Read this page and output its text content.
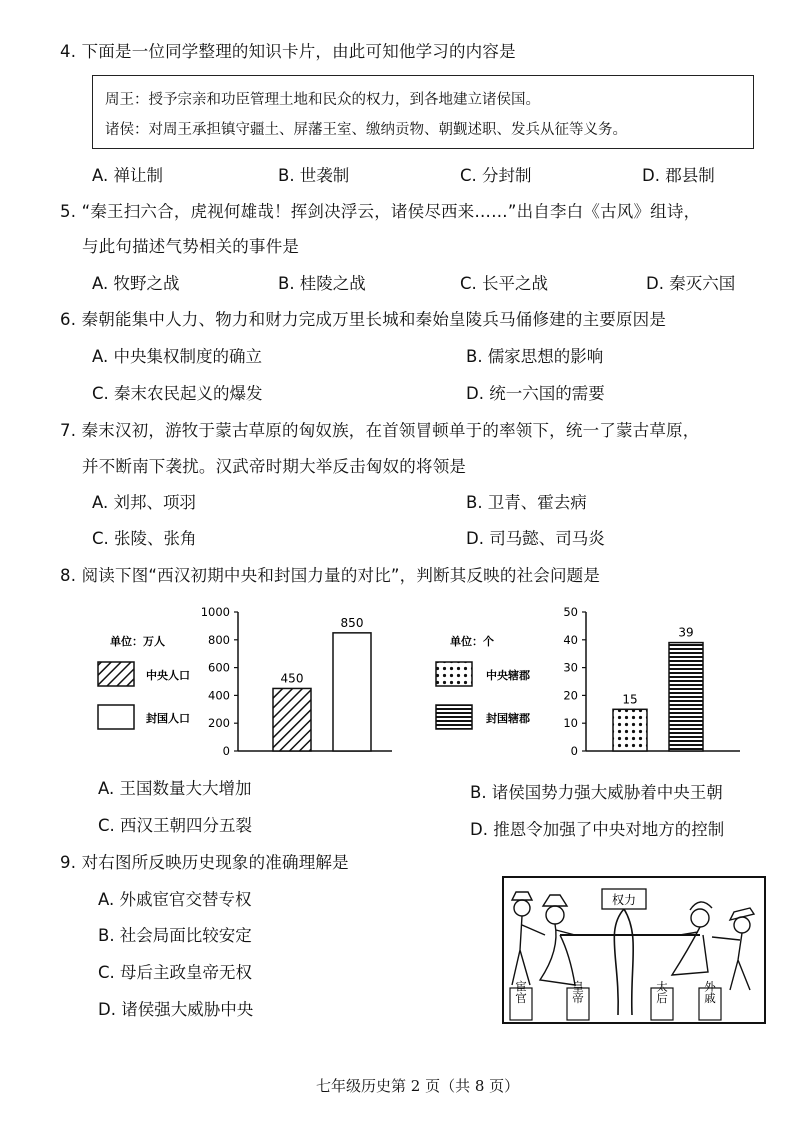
4. 下面是一位同学整理的知识卡片，由此可知他学习的内容是
周王：授予宗亲和功臣管理土地和民众的权力，到各地建立诸侯国。
诸侯：对周王承担镇守疆土、屏藩王室、缴纳贡物、朝觐述职、发兵从征等义务。
A. 禅让制	B. 世袭制	C. 分封制	D. 郡县制
5. “秦王扫六合，虎视何雄哉！挥剑决浮云，诸侯尽西来……”出自李白《古风》组诗，
与此句描述气势相关的事件是
A. 牧野之战	B. 桂陵之战	C. 长平之战	D. 秦灭六国
6. 秦朝能集中人力、物力和财力完成万里长城和秦始皇陵兵马俑修建的主要原因是
A. 中央集权制度的确立	B. 儒家思想的影响
C. 秦末农民起义的爆发	D. 统一六国的需要
7. 秦末汉初，游牧于蒙古草原的匈奴族，在首领冒顿单于的率领下，统一了蒙古草原，
并不断南下袭扰。汉武帝时期大举反击匈奴的将领是
A. 刘邦、项羽	B. 卫青、霍去病
C. 张陵、张角	D. 司马懿、司马炎
8. 阅读下图“西汉初期中央和封国力量的对比”，判断其反映的社会问题是
0
200
400
600
800
1000
单位：万人
中央人口
封国人口
450
850
0
10
20
30
40
50
单位：个
中央辖郡
封国辖郡
15
39
权力
宦官	皇帝	太后	外戚
A. 王国数量大大增加	B. 诸侯国势力强大威胁着中央王朝
C. 西汉王朝四分五裂	D. 推恩令加强了中央对地方的控制
9. 对右图所反映历史现象的准确理解是
A. 外戚宦官交替专权
B. 社会局面比较安定
C. 母后主政皇帝无权
D. 诸侯强大威胁中央
七年级历史第 2 页（共 8 页）
